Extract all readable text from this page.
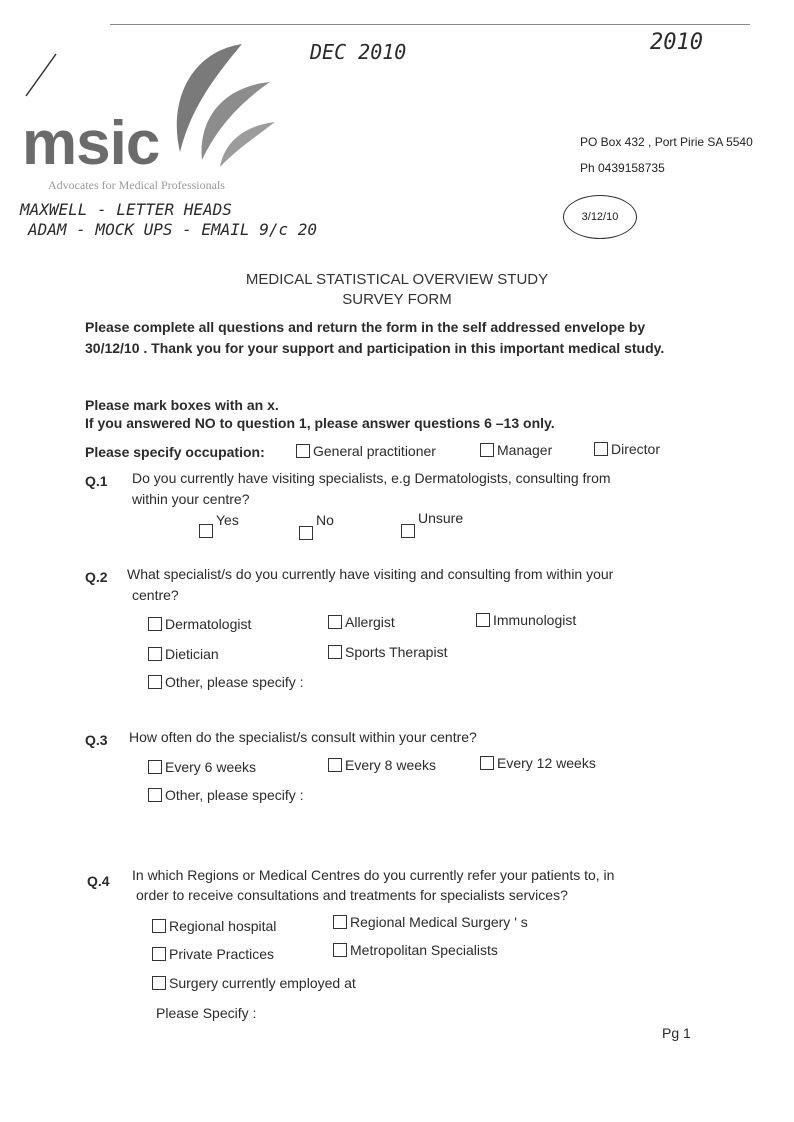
DEC 2010	2010
msic
Advocates for Medical Professionals
MAXWELL - LETTER HEADS
ADAM - MOCK UPS - EMAIL 9/c 20
PO Box 432 , Port Pirie SA 5540
Ph 0439158735
3/12/10
MEDICAL STATISTICAL OVERVIEW STUDY
SURVEY FORM
Please complete all questions and return the form in the self addressed envelope by
30/12/10 . Thank you for your support and participation in this important medical study.
Please mark boxes with an x.
If you answered NO to question 1, please answer questions 6 –13 only.
Please specify occupation:	General practitioner	Manager	Director
Q.1 Do you currently have visiting specialists, e.g Dermatologists, consulting from
within your centre?
Yes	No	Unsure
Q.2 What specialist/s do you currently have visiting and consulting from within your
centre?
Dermatologist	Allergist	Immunologist
Dietician	Sports Therapist
Other, please specify :
Q.3 How often do the specialist/s consult within your centre?
Every 6 weeks	Every 8 weeks	Every 12 weeks
Other, please specify :
Q.4 In which Regions or Medical Centres do you currently refer your patients to, in
order to receive consultations and treatments for specialists services?
Regional hospital	Regional Medical Surgery ' s
Private Practices	Metropolitan Specialists
Surgery currently employed at
Please Specify :
Pg 1
